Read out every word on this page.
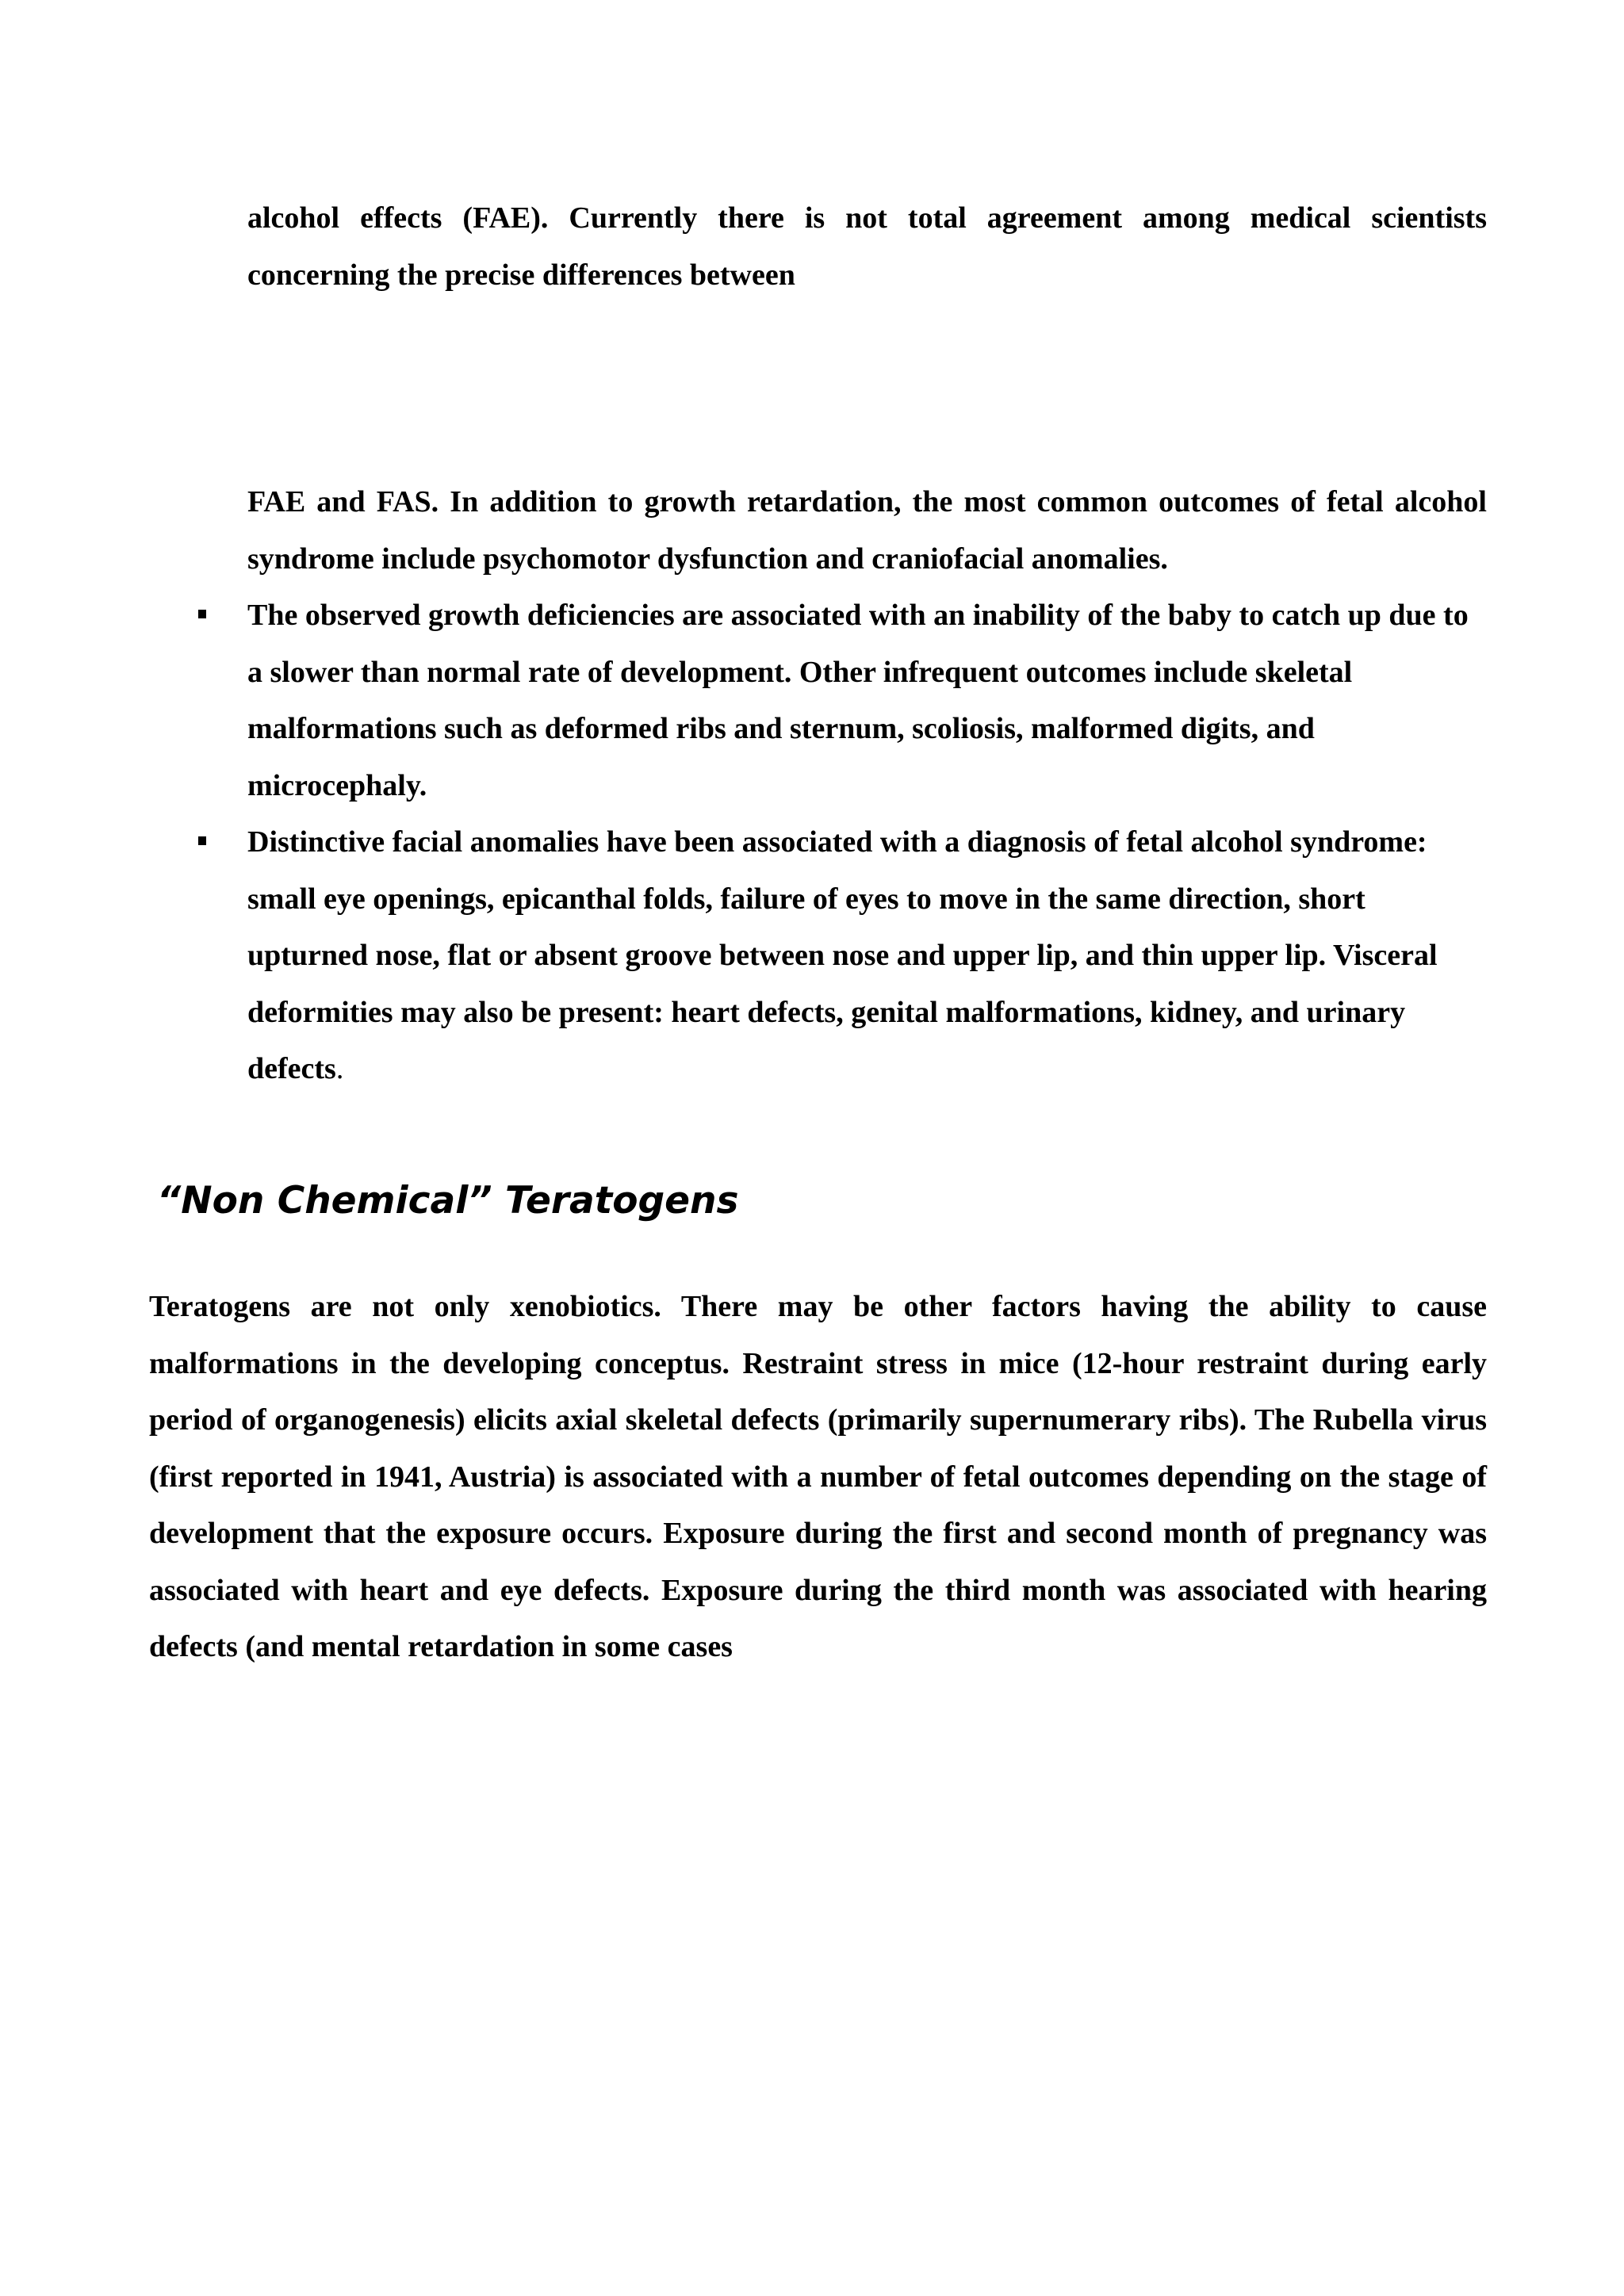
alcohol effects (FAE). Currently there is not total agreement among medical scientists concerning the precise differences between

FAE and FAS. In addition to growth retardation, the most common outcomes of fetal alcohol syndrome include psychomotor dysfunction and craniofacial anomalies.

The observed growth deficiencies are associated with an inability of the baby to catch up due to a slower than normal rate of development. Other infrequent outcomes include skeletal malformations such as deformed ribs and sternum, scoliosis, malformed digits, and microcephaly.
Distinctive facial anomalies have been associated with a diagnosis of fetal alcohol syndrome: small eye openings, epicanthal folds, failure of eyes to move in the same direction, short upturned nose, flat or absent groove between nose and upper lip, and thin upper lip. Visceral deformities may also be present: heart defects, genital malformations, kidney, and urinary defects.
“Non Chemical” Teratogens

Teratogens are not only xenobiotics. There may be other factors having the ability to cause malformations in the developing conceptus. Restraint stress in mice (12-hour restraint during early period of organogenesis) elicits axial skeletal defects (primarily supernumerary ribs). The Rubella virus (first reported in 1941, Austria) is associated with a number of fetal outcomes depending on the stage of development that the exposure occurs. Exposure during the first and second month of pregnancy was associated with heart and eye defects. Exposure during the third month was associated with hearing defects (and mental retardation in some cases
